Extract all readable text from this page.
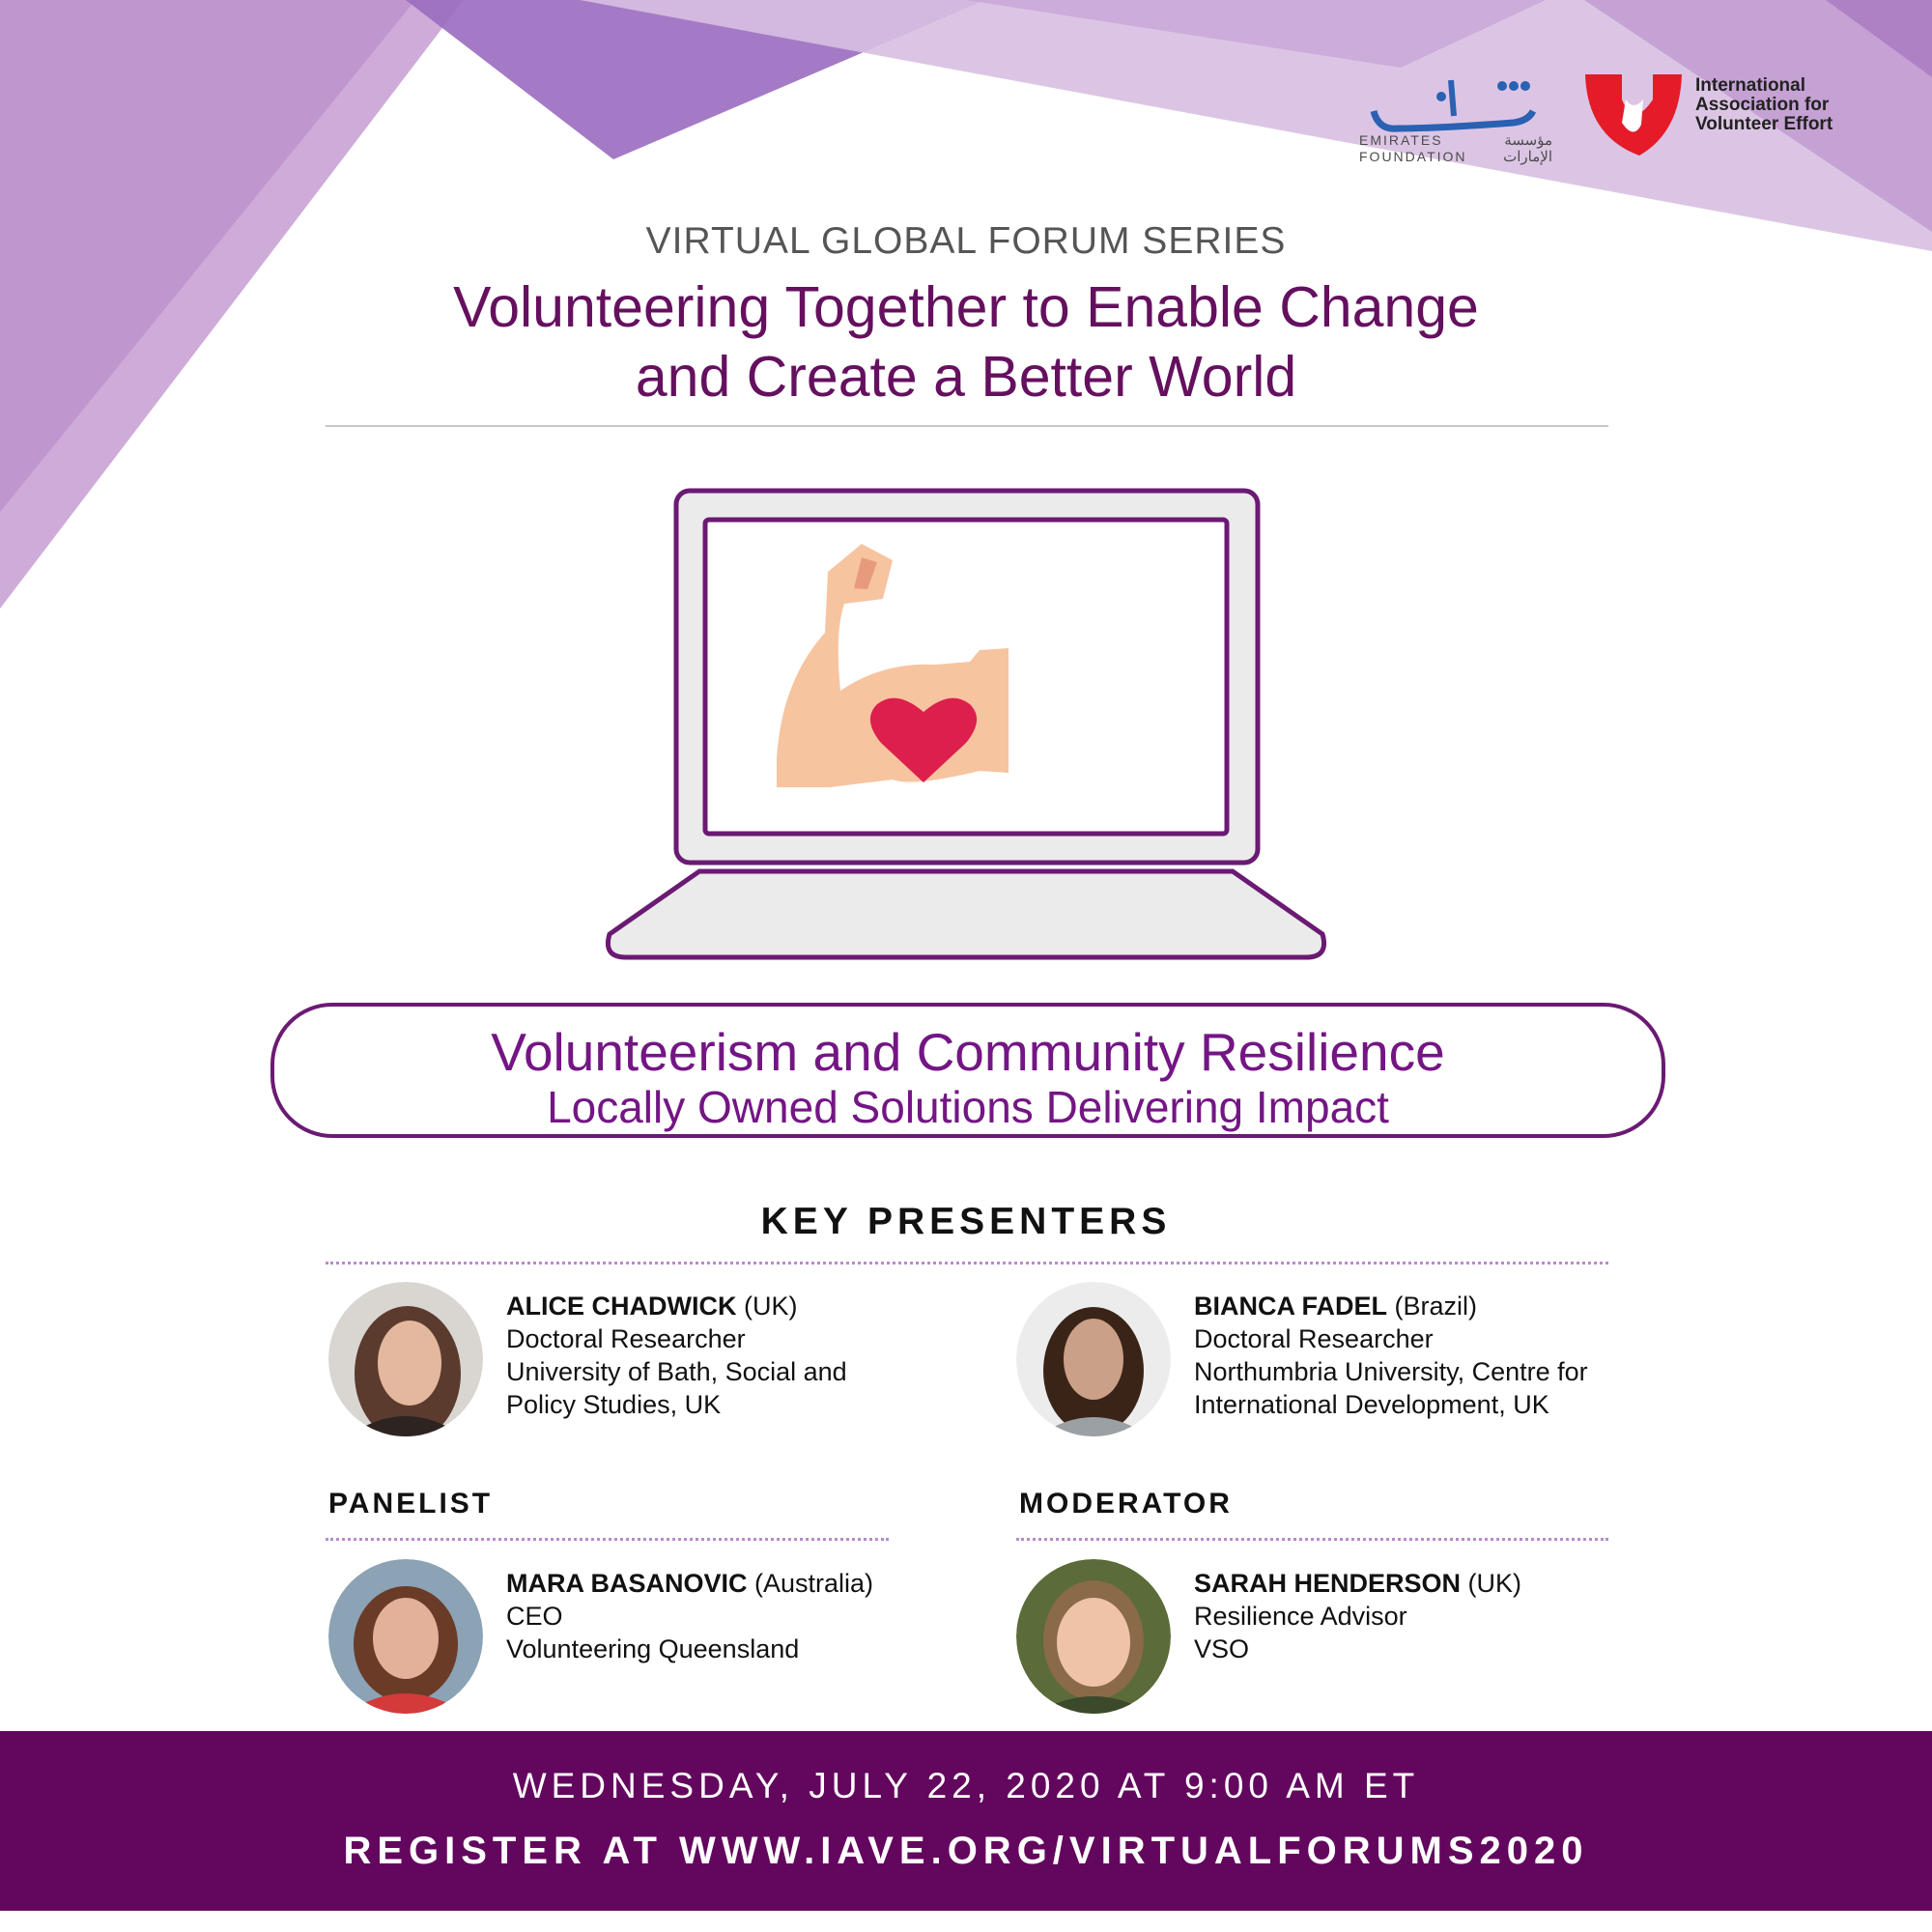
EMIRATES
FOUNDATION
مؤسسة
الإمارات
International Association for Volunteer Effort
VIRTUAL GLOBAL FORUM SERIES
Volunteering Together to Enable Change
and Create a Better World
Volunteerism and Community Resilience
Locally Owned Solutions Delivering Impact
KEY PRESENTERS
ALICE CHADWICK (UK)
Doctoral Researcher
University of Bath, Social and
Policy Studies, UK
BIANCA FADEL (Brazil)
Doctoral Researcher
Northumbria University, Centre for
International Development, UK
PANELIST	MODERATOR
MARA BASANOVIC (Australia)
CEO
Volunteering Queensland
SARAH HENDERSON (UK)
Resilience Advisor
VSO
WEDNESDAY, JULY 22, 2020 AT 9:00 AM ET
REGISTER AT WWW.IAVE.ORG/VIRTUALFORUMS2020
